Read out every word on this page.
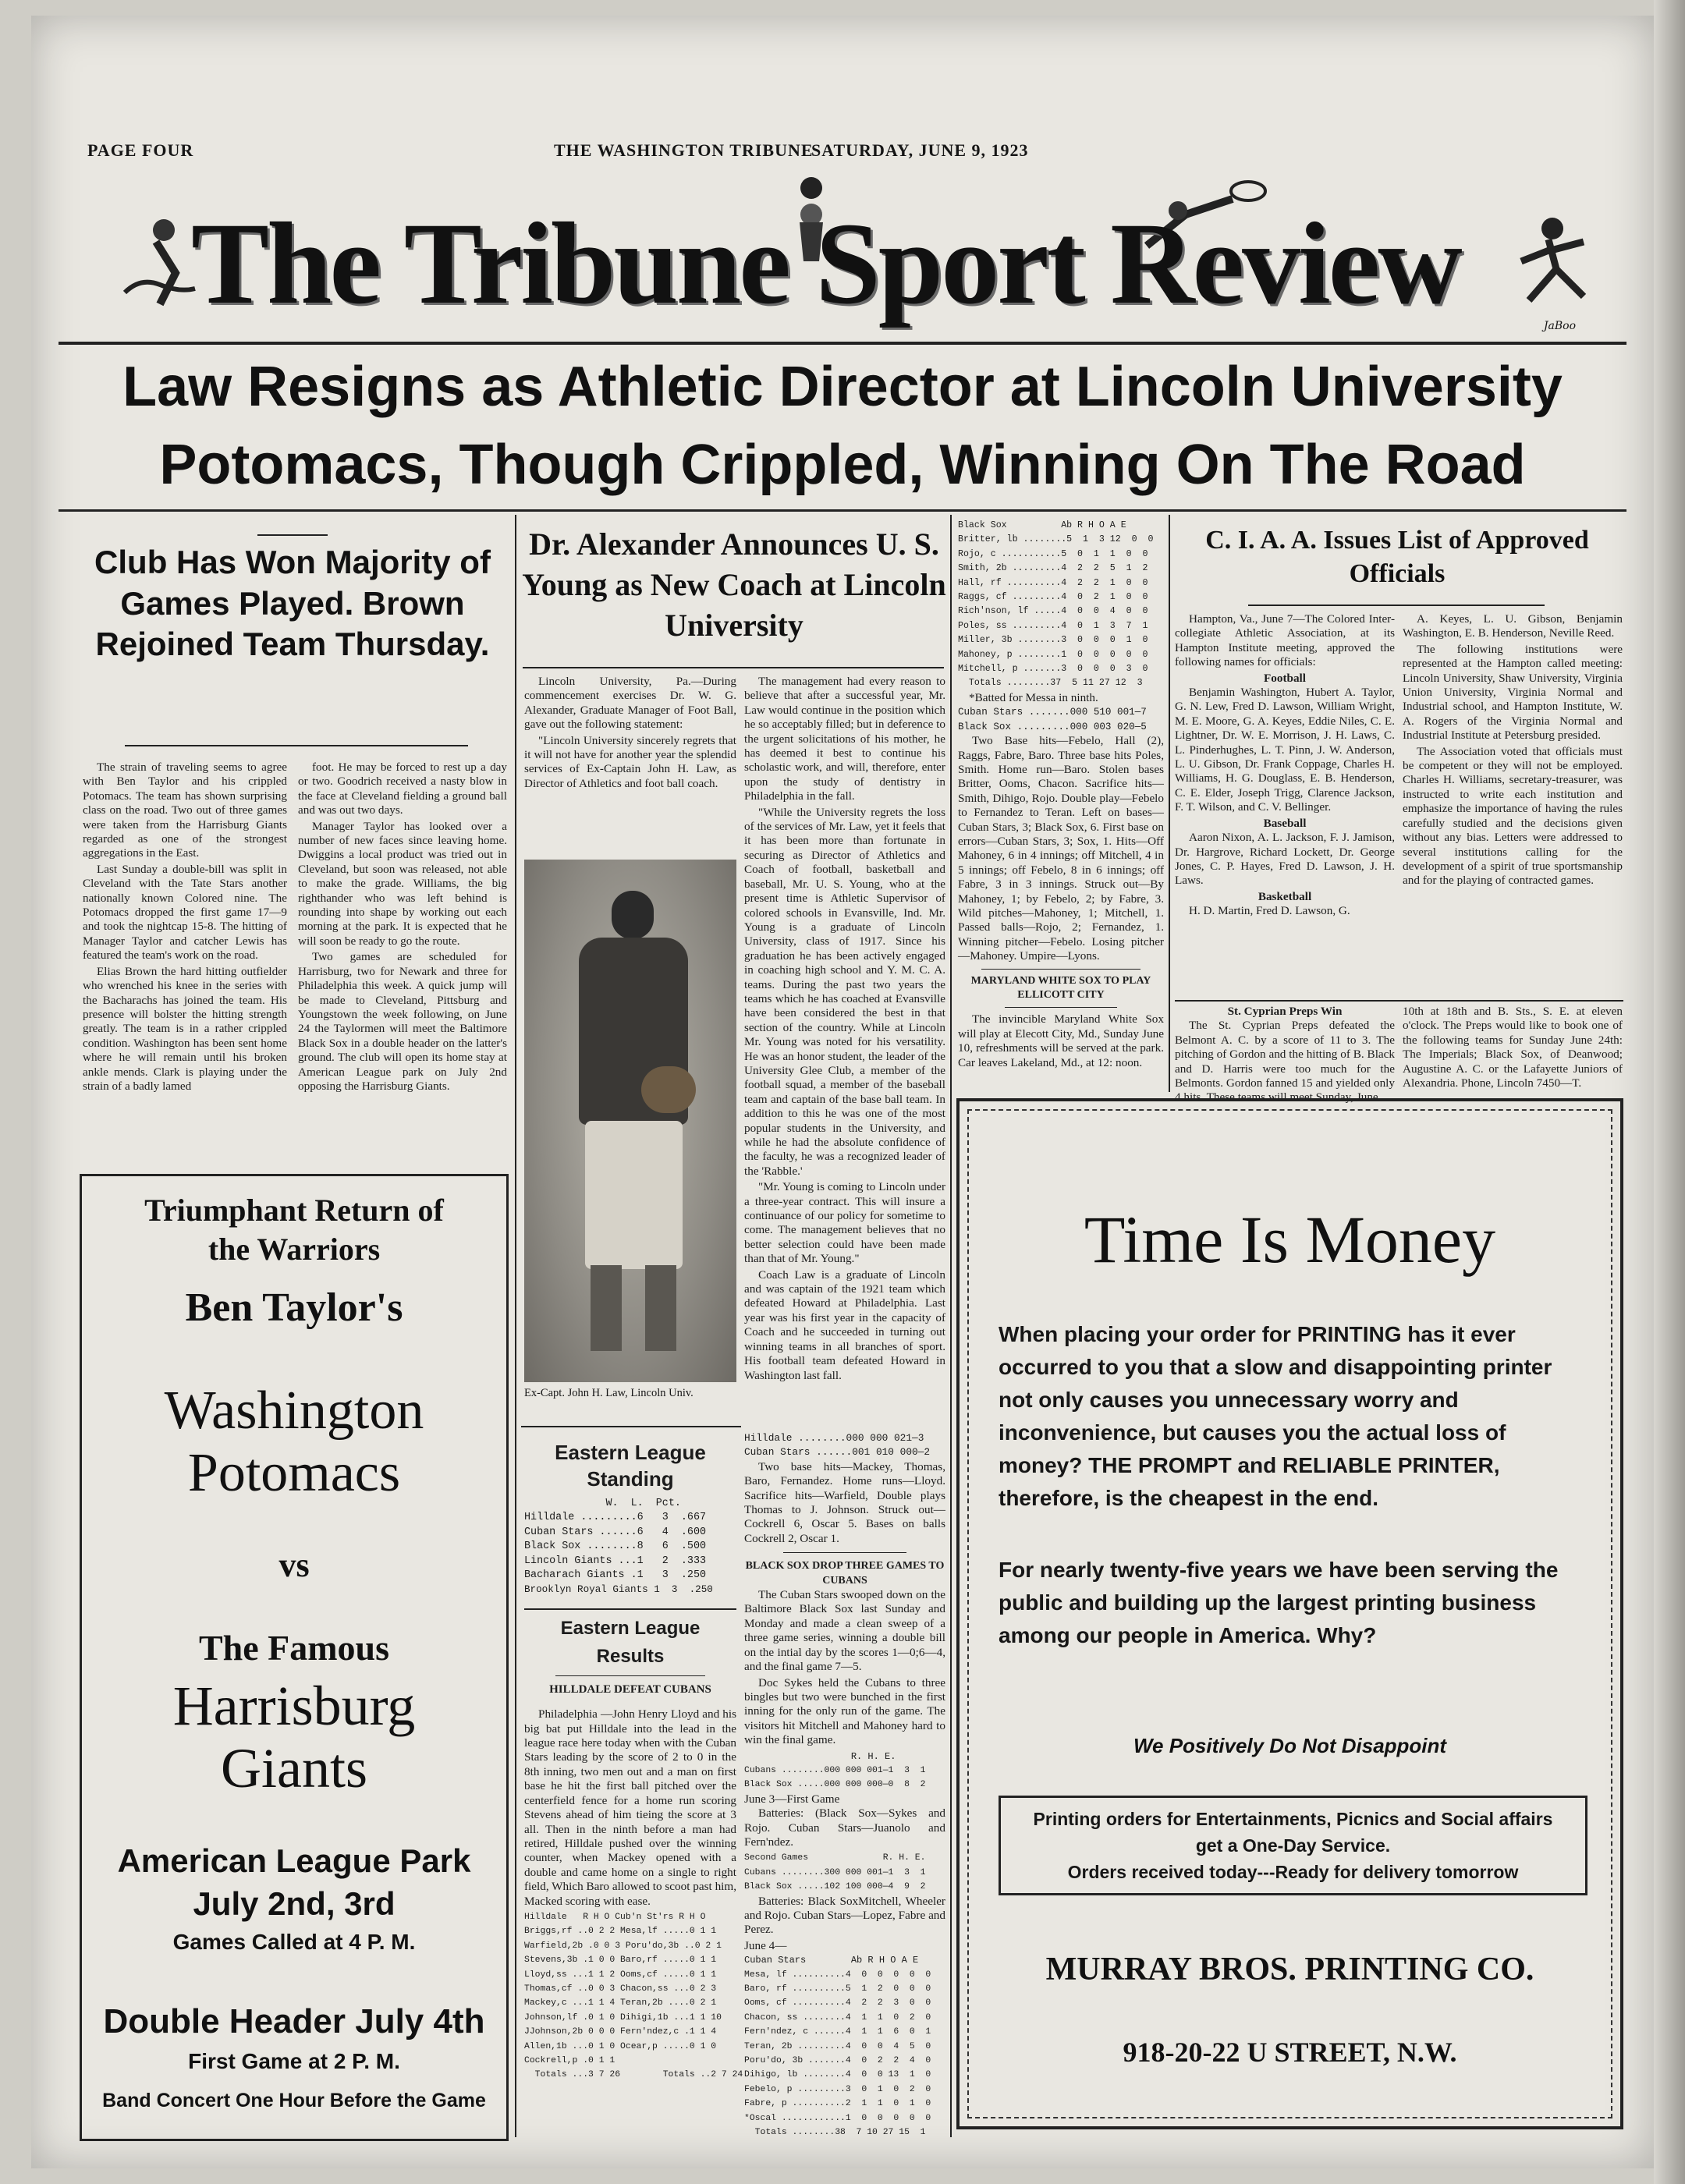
PAGE FOUR	THE WASHINGTON TRIBUNE
SATURDAY, JUNE 9, 1923
The Tribune Sport Review	JaBoo
Law Resigns as Athletic Director at Lincoln University
Potomacs, Though Crippled, Winning On The Road
Club Has Won Majority of Games Played. Brown Rejoined Team Thursday.

The strain of traveling seems to agree with Ben Taylor and his crippled Potomacs. The team has shown surprising class on the road. Two out of three games were taken from the Harrisburg Giants regarded as one of the strongest aggregations in the East.

Last Sunday a double-bill was split in Cleveland with the Tate Stars another nationally known Colored nine. The Potomacs dropped the first game 17—9 and took the nightcap 15-8. The hitting of Manager Taylor and catcher Lewis has featured the team's work on the road.

Elias Brown the hard hitting outfielder who wrenched his knee in the series with the Bacharachs has joined the team. His presence will bolster the hitting strength greatly. The team is in a rather crippled condition. Washington has been sent home where he will remain until his broken ankle mends. Clark is playing under the strain of a badly lamed

foot. He may be forced to rest up a day or two. Goodrich received a nasty blow in the face at Cleveland fielding a ground ball and was out two days.

Manager Taylor has looked over a number of new faces since leaving home. Dwiggins a local product was tried out in Cleveland, but soon was released, not able to make the grade. Williams, the big righthander who was left behind is rounding into shape by working out each morning at the park. It is expected that he will soon be ready to go the route.

Two games are scheduled for Harrisburg, two for Newark and three for Philadelphia this week. A quick jump will be made to Cleveland, Pittsburg and Youngstown the week following, on June 24 the Taylormen will meet the Baltimore Black Sox in a double header on the latter's ground. The club will open its home stay at American League park on July 2nd opposing the Harrisburg Giants.

Triumphant Return of
the Warriors
Ben Taylor's
Washington
Potomacs
vs
The Famous
Harrisburg
Giants
American League Park
July 2nd, 3rd
Games Called at 4 P. M.
Double Header July 4th
First Game at 2 P. M.
Band Concert One Hour Before the Game
Dr. Alexander Announces U. S. Young as New Coach at Lincoln University

Lincoln University, Pa.—During commencement exercises Dr. W. G. Alexander, Graduate Manager of Foot Ball, gave out the following statement:

"Lincoln University sincerely regrets that it will not have for another year the splendid services of Ex-Captain John H. Law, as Director of Athletics and foot ball coach.

Ex-Capt. John H. Law, Lincoln Univ.

The management had every reason to believe that after a successful year, Mr. Law would continue in the position which he so acceptably filled; but in deference to the urgent solicitations of his mother, he has deemed it best to continue his scholastic work, and will, therefore, enter upon the study of dentistry in Philadelphia in the fall.

"While the University regrets the loss of the services of Mr. Law, yet it feels that it has been more than fortunate in securing as Director of Athletics and Coach of football, basketball and baseball, Mr. U. S. Young, who at the present time is Athletic Supervisor of colored schools in Evansville, Ind. Mr. Young is a graduate of Lincoln University, class of 1917. Since his graduation he has been actively engaged in coaching high school and Y. M. C. A. teams. During the past two years the teams which he has coached at Evansville have been considered the best in that section of the country. While at Lincoln Mr. Young was noted for his versatility. He was an honor student, the leader of the University Glee Club, a member of the football squad, a member of the baseball team and captain of the base ball team. In addition to this he was one of the most popular students in the University, and while he had the absolute confidence of the faculty, he was a recognized leader of the 'Rabble.'

"Mr. Young is coming to Lincoln under a three-year contract. This will insure a continuance of our policy for sometime to come. The management believes that no better selection could have been made than that of Mr. Young."

Coach Law is a graduate of Lincoln and was captain of the 1921 team which defeated Howard at Philadelphia. Last year was his first year in the capacity of Coach and he succeeded in turning out winning teams in all branches of sport. His football team defeated Howard in Washington last fall.

Eastern League
Standing
W.  L.  Pct.
Hilldale .........6   3  .667
Cuban Stars ......6   4  .600
Black Sox ........8   6  .500
Lincoln Giants ...1   2  .333
Bacharach Giants .1   3  .250
Brooklyn Royal Giants 1  3  .250
Eastern League Results
HILLDALE DEFEAT CUBANS

Philadelphia —John Henry Lloyd and his big bat put Hilldale into the lead in the league race here today when with the Cuban Stars leading by the score of 2 to 0 in the 8th inning, two men out and a man on first base he hit the first ball pitched over the centerfield fence for a home run scoring Stevens ahead of him tieing the score at 3 all. Then in the ninth before a man had retired, Hilldale pushed over the winning counter, when Mackey opened with a double and came home on a single to right field, Which Baro allowed to scoot past him, Macked scoring with ease.

Hilldale   R H O Cub'n St'rs R H O
Briggs,rf ..0 2 2 Mesa,lf .....0 1 1
Warfield,2b .0 0 3 Poru'do,3b ..0 2 1
Stevens,3b .1 0 0 Baro,rf .....0 1 1
Lloyd,ss ...1 1 2 Ooms,cf .....0 1 1
Thomas,cf ..0 0 3 Chacon,ss ...0 2 3
Mackey,c ...1 1 4 Teran,2b ....0 2 1
Johnson,lf .0 1 0 Dihigi,1b ...1 1 10
JJohnson,2b 0 0 0 Fern'ndez,c .1 1 4
Allen,1b ...0 1 0 Ocear,p .....0 1 0
Cockrell,p .0 1 1
Totals ...3 7 26        Totals ..2 7 24
Hilldale ........000 000 021—3
Cuban Stars ......001 010 000—2

Two base hits—Mackey, Thomas, Baro, Fernandez. Home runs—Lloyd. Sacrifice hits—Warfield, Double plays Thomas to J. Johnson. Struck out—Cockrell 6, Oscar 5. Bases on balls Cockrell 2, Oscar 1.

BLACK SOX DROP THREE GAMES TO CUBANS

The Cuban Stars swooped down on the Baltimore Black Sox last Sunday and Monday and made a clean sweep of a three game series, winning a double bill on the intial day by the scores 1—0;6—4, and the final game 7—5.

Doc Sykes held the Cubans to three bingles but two were bunched in the first inning for the only run of the game. The visitors hit Mitchell and Mahoney hard to win the final game.

R. H. E.
Cubans ........000 000 001—1  3  1
Black Sox .....000 000 000—0  8  2
June 3—First Game

Batteries: (Black Sox—Sykes and Rojo. Cuban Stars—Juanolo and Fern'ndez.

Second Games              R. H. E.
Cubans ........300 000 001—1  3  1
Black Sox .....102 100 000—4  9  2

Batteries: Black SoxMitchell, Wheeler and Rojo. Cuban Stars—Lopez, Fabre and Perez.

June 4—
Cuban Stars        Ab R H O A E
Mesa, lf ..........4  0  0  0  0  0
Baro, rf ..........5  1  2  0  0  0
Ooms, cf ..........4  2  2  3  0  0
Chacon, ss ........4  1  1  0  2  0
Fern'ndez, c ......4  1  1  6  0  1
Teran, 2b .........4  0  0  4  5  0
Poru'do, 3b .......4  0  2  2  4  0
Dihigo, lb ........4  0  0 13  1  0
Febelo, p .........3  0  1  0  2  0
Fabre, p ..........2  1  1  0  1  0
*Oscal ............1  0  0  0  0  0
Totals ........38  7 10 27 15  1
Black Sox          Ab R H O A E
Britter, lb ........5  1  3 12  0  0
Rojo, c ...........5  0  1  1  0  0
Smith, 2b .........4  2  2  5  1  2
Hall, rf ..........4  2  2  1  0  0
Raggs, cf .........4  0  2  1  0  0
Rich'nson, lf .....4  0  0  4  0  0
Poles, ss .........4  0  1  3  7  1
Miller, 3b ........3  0  0  0  1  0
Mahoney, p ........1  0  0  0  0  0
Mitchell, p .......3  0  0  0  3  0
Totals ........37  5 11 27 12  3
*Batted for Messa in ninth.
Cuban Stars .......000 510 001—7
Black Sox .........000 003 020—5

Two Base hits—Febelo, Hall (2), Raggs, Fabre, Baro. Three base hits Poles, Smith. Home run—Baro. Stolen bases Britter, Ooms, Chacon. Sacrifice hits—Smith, Dihigo, Rojo. Double play—Febelo to Fernandez to Teran. Left on bases—Cuban Stars, 3; Black Sox, 6. First base on errors—Cuban Stars, 3; Sox, 1. Hits—Off Mahoney, 6 in 4 innings; off Mitchell, 4 in 5 innings; off Febelo, 8 in 6 innings; off Fabre, 3 in 3 innings. Struck out—By Mahoney, 1; by Febelo, 2; by Fabre, 3. Wild pitches—Mahoney, 1; Mitchell, 1. Passed balls—Rojo, 2; Fernandez, 1. Winning pitcher—Febelo. Losing pitcher —Mahoney. Umpire—Lyons.

MARYLAND WHITE SOX TO PLAY ELLICOTT CITY

The invincible Maryland White Sox will play at Elecott City, Md., Sunday June 10, refreshments will be served at the park. Car leaves Lakeland, Md., at 12: noon.

C. I. A. A. Issues List of Approved Officials

Hampton, Va., June 7—The Colored Inter-collegiate Athletic Association, at its Hampton Institute meeting, approved the following names for officials:

Football

Benjamin Washington, Hubert A. Taylor, G. N. Lew, Fred D. Lawson, William Wright, M. E. Moore, G. A. Keyes, Eddie Niles, C. E. Lightner, Dr. W. E. Morrison, J. H. Laws, C. L. Pinderhughes, L. T. Pinn, J. W. Anderson, L. U. Gibson, Dr. Frank Coppage, Charles H. Williams, H. G. Douglass, E. B. Henderson, C. E. Elder, Joseph Trigg, Clarence Jackson, F. T. Wilson, and C. V. Bellinger.

Baseball

Aaron Nixon, A. L. Jackson, F. J. Jamison, Dr. Hargrove, Richard Lockett, Dr. George Jones, C. P. Hayes, Fred D. Lawson, J. H. Laws.

Basketball

H. D. Martin, Fred D. Lawson, G.

A. Keyes, L. U. Gibson, Benjamin Washington, E. B. Henderson, Neville Reed.

The following institutions were represented at the Hampton called meeting: Lincoln University, Shaw University, Virginia Union University, Virginia Normal and Industrial school, and Hampton Institute, W. A. Rogers of the Virginia Normal and Industrial Institute at Petersburg presided.

The Association voted that officials must be competent or they will not be employed. Charles H. Williams, secretary-treasurer, was instructed to write each institution and emphasize the importance of having the rules carefully studied and the decisions given without any bias. Letters were addressed to several institutions calling for the development of a spirit of true sportsmanship and for the playing of contracted games.

St. Cyprian Preps Win

The St. Cyprian Preps defeated the Belmont A. C. by a score of 11 to 3. The pitching of Gordon and the hitting of B. Black and D. Harris were too much for the Belmonts. Gordon fanned 15 and yielded only 4 hits. These teams will meet Sunday, June

10th at 18th and B. Sts., S. E. at eleven o'clock. The Preps would like to book one of the following teams for Sunday June 24th: The Imperials; Black Sox, of Deanwood; Augustine A. C. or the Lafayette Juniors of Alexandria. Phone, Lincoln 7450—T.

Time Is Money
When placing your order for PRINTING has it ever occurred to you that a slow and disappointing printer not only causes you unnecessary worry and inconvenience, but causes you the actual loss of money? THE PROMPT and RELIABLE PRINTER, therefore, is the cheapest in the end.
For nearly twenty-five years we have been serving the public and building up the largest printing business among our people in America. Why?
We Positively Do Not Disappoint
Printing orders for Entertainments, Picnics and Social affairs get a One-Day Service.
Orders received today---Ready for delivery tomorrow
MURRAY BROS. PRINTING CO.
918-20-22 U STREET, N.W.
